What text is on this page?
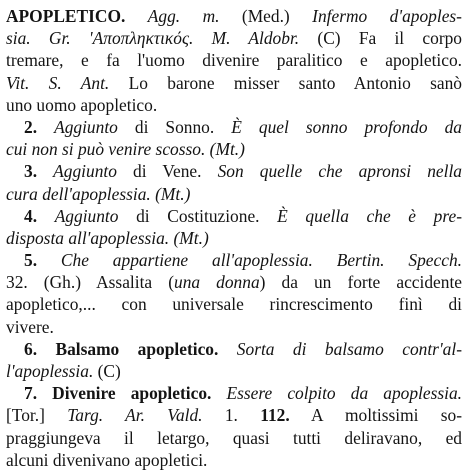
APOPLETICO. Agg. m. (Med.) Infermo d'apoples-
sia. Gr. 'Αποπληκτικός. M. Aldobr. (C) Fa il corpo
tremare, e fa l'uomo divenire paralitico e apopletico.
Vit. S. Ant. Lo barone misser santo Antonio sanò
uno uomo apopletico.
2. Aggiunto di Sonno. È quel sonno profondo da
cui non si può venire scosso. (Mt.)
3. Aggiunto di Vene. Son quelle che apronsi nella
cura dell'apoplessia. (Mt.)
4. Aggiunto di Costituzione. È quella che è pre-
disposta all'apoplessia. (Mt.)
5. Che appartiene all'apoplessia. Bertin. Specch.
32. (Gh.) Assalita (una donna) da un forte accidente
apopletico,... con universale rincrescimento finì di
vivere.
6. Balsamo apopletico. Sorta di balsamo contr'al-
l'apoplessia. (C)
7. Divenire apopletico. Essere colpito da apoplessia.
[Tor.] Targ. Ar. Vald. 1. 112. A moltissimi so-
praggiungeva il letargo, quasi tutti deliravano, ed
alcuni divenivano apopletici.
